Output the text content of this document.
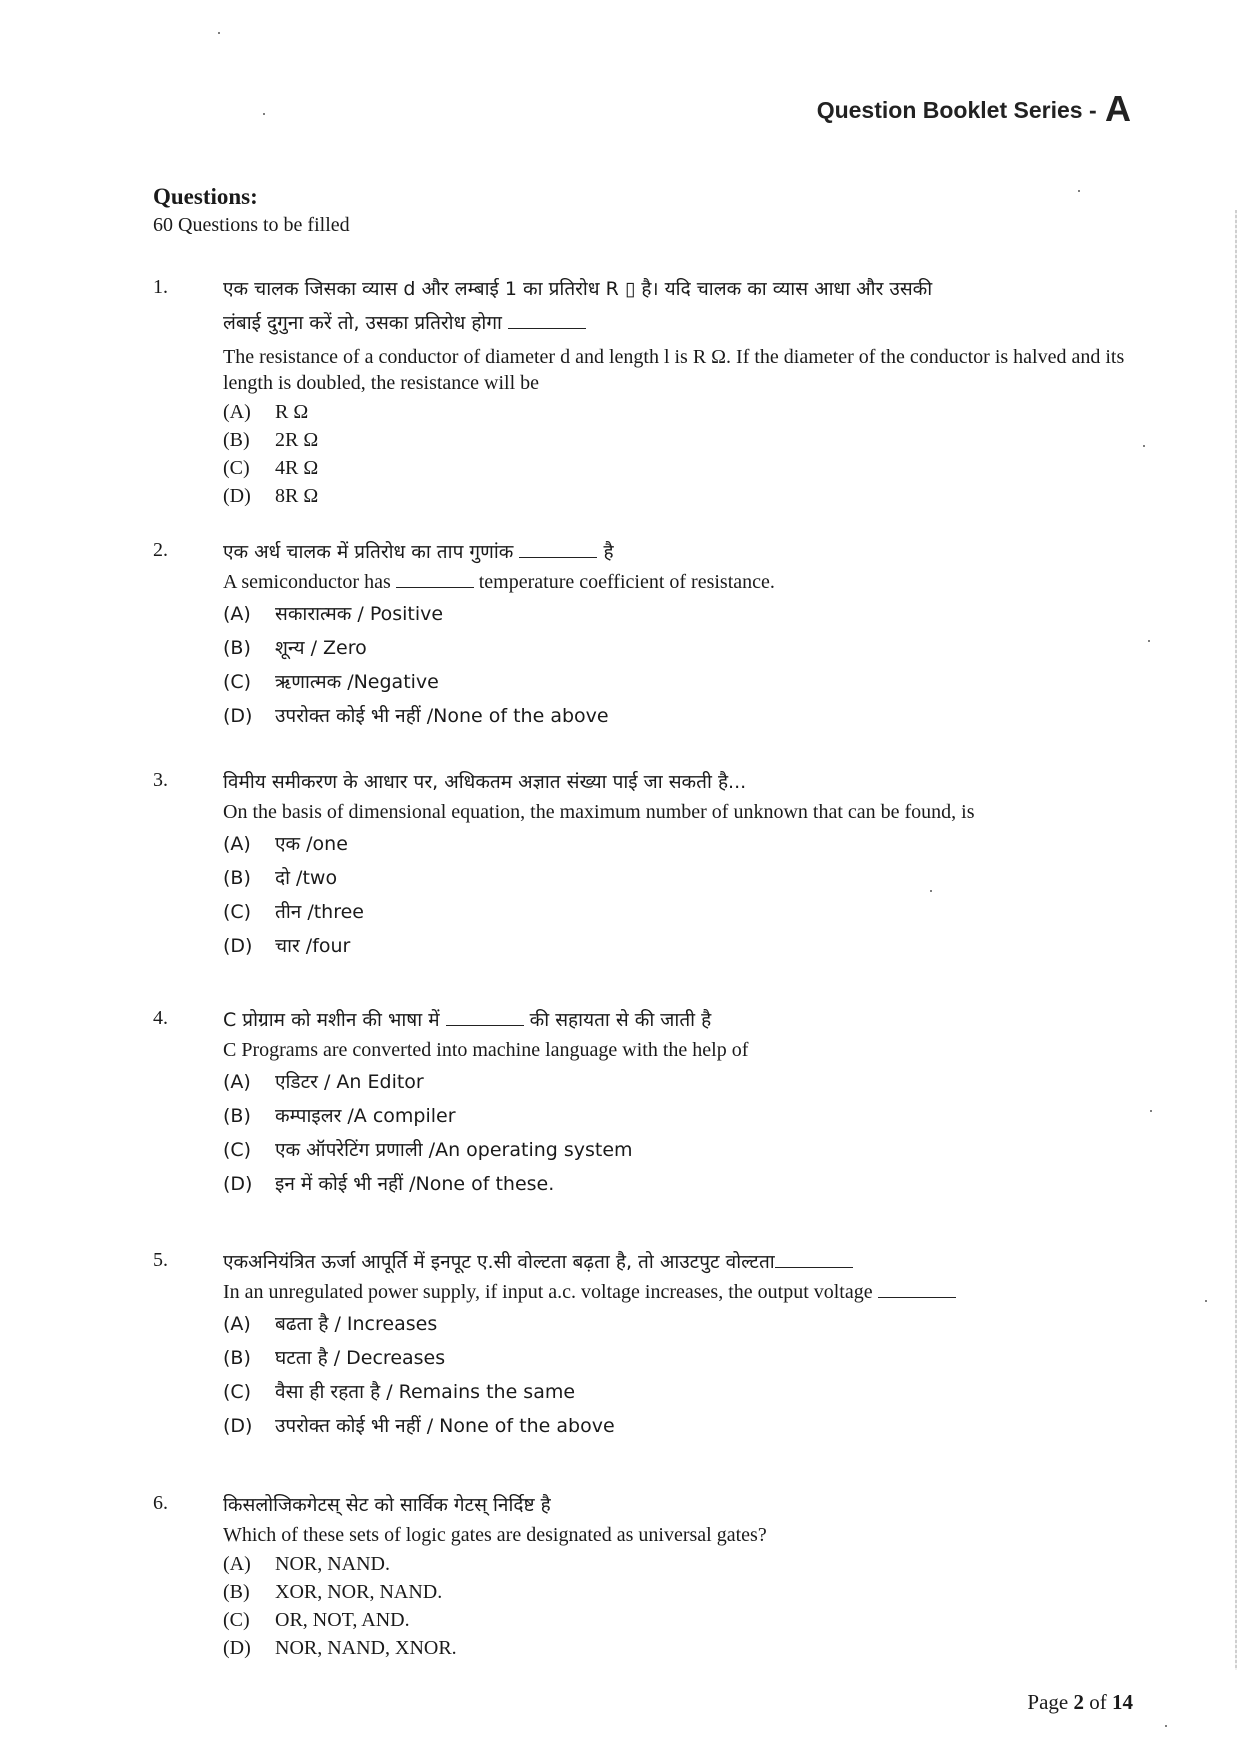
Question Booklet Series - A
Questions:
60 Questions to be filled
1.	एक चालक जिसका व्यास d और लम्बाई 1 का प्रतिरोध R ▯ है। यदि चालक का व्यास आधा और उसकी
लंबाई दुगुना करें तो, उसका प्रतिरोध होगा
The resistance of a conductor of diameter d and length l is R Ω. If the diameter of the conductor is halved and its length is doubled, the resistance will be
(A)	R Ω
(B)	2R Ω
(C)	4R Ω
(D)	8R Ω
2.	एक अर्ध चालक में प्रतिरोध का ताप गुणांक	है
A semiconductor has	temperature coefficient of resistance.
(A)	सकारात्मक / Positive
(B)	शून्य / Zero
(C)	ऋणात्मक /Negative
(D)	उपरोक्त कोई भी नहीं /None of the above
3.	विमीय समीकरण के आधार पर, अधिकतम अज्ञात संख्या पाई जा सकती है...
On the basis of dimensional equation, the maximum number of unknown that can be found, is
(A)	एक /one
(B)	दो /two
(C)	तीन /three
(D)	चार /four
4.	C प्रोग्राम को मशीन की भाषा में	की सहायता से की जाती है
C Programs are converted into machine language with the help of
(A)	एडिटर / An Editor
(B)	कम्पाइलर /A compiler
(C)	एक ऑपरेटिंग प्रणाली /An operating system
(D)	इन में कोई भी नहीं /None of these.
5.	एकअनियंत्रित ऊर्जा आपूर्ति में इनपूट ए.सी वोल्टता बढ़ता है, तो आउटपुट वोल्टता
In an unregulated power supply, if input a.c. voltage increases, the output voltage
(A)	बढता है / Increases
(B)	घटता है / Decreases
(C)	वैसा ही रहता है / Remains the same
(D)	उपरोक्त कोई भी नहीं / None of the above
6.	किसलोजिकगेटस् सेट को सार्विक गेटस् निर्दिष्ट है
Which of these sets of logic gates are designated as universal gates?
(A)	NOR, NAND.
(B)	XOR, NOR, NAND.
(C)	OR, NOT, AND.
(D)	NOR, NAND, XNOR.
Page 2 of 14
